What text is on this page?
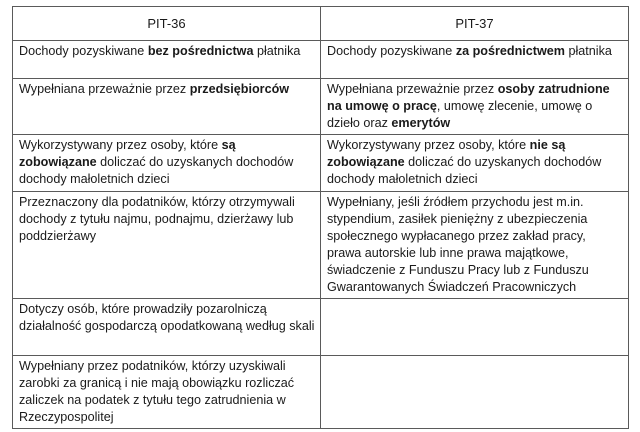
PIT-36	PIT-37
Dochody pozyskiwane bez pośrednictwa płatnika	Dochody pozyskiwane za pośrednictwem płatnika
Wypełniana przeważnie przez przedsiębiorców	Wypełniana przeważnie przez osoby zatrudnione na umowę o pracę, umowę zlecenie, umowę o dzieło oraz emerytów
Wykorzystywany przez osoby, które są zobowiązane doliczać do uzyskanych dochodów dochody małoletnich dzieci	Wykorzystywany przez osoby, które nie są zobowiązane doliczać do uzyskanych dochodów dochody małoletnich dzieci
Przeznaczony dla podatników, którzy otrzymywali dochody z tytułu najmu, podnajmu, dzierżawy lub poddzierżawy	Wypełniany, jeśli źródłem przychodu jest m.in. stypendium, zasiłek pieniężny z ubezpieczenia społecznego wypłacanego przez zakład pracy, prawa autorskie lub inne prawa majątkowe, świadczenie z Funduszu Pracy lub z Funduszu Gwarantowanych Świadczeń Pracowniczych
Dotyczy osób, które prowadziły pozarolniczą działalność gospodarczą opodatkowaną według skali	
Wypełniany przez podatników, którzy uzyskiwali zarobki za granicą i nie mają obowiązku rozliczać zaliczek na podatek z tytułu tego zatrudnienia w Rzeczypospolitej	
